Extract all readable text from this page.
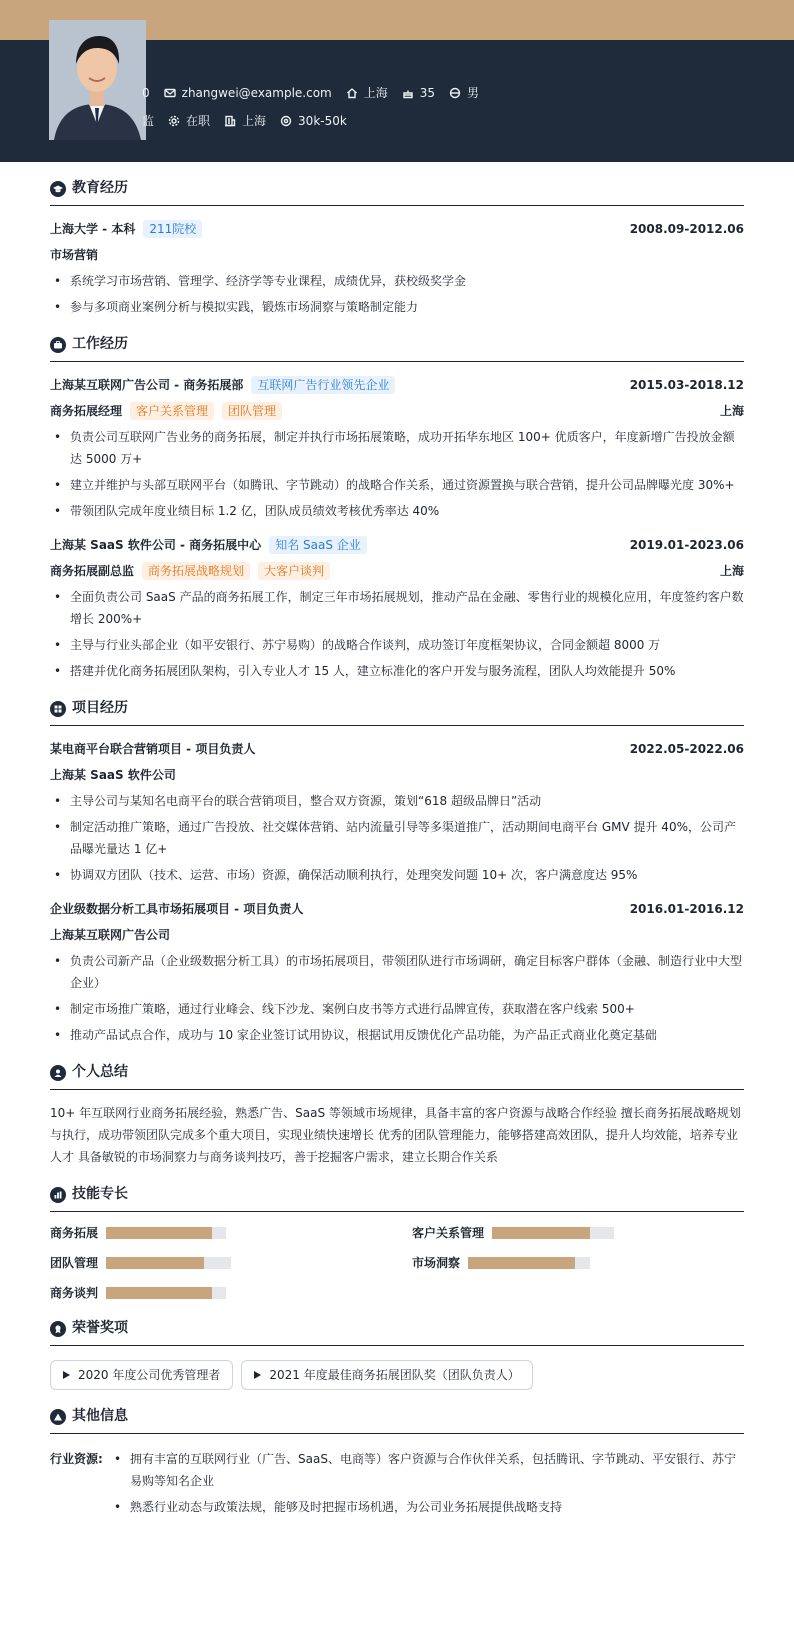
0	zhangwei@example.com	上海	35	男
监	在职	上海	30k-50k
教育经历
上海大学 - 本科	211院校	2008.09-2012.06
市场营销
• 系统学习市场营销、管理学、经济学等专业课程，成绩优异，获校级奖学金
• 参与多项商业案例分析与模拟实践，锻炼市场洞察与策略制定能力
工作经历
上海某互联网广告公司 - 商务拓展部	互联网广告行业领先企业	2015.03-2018.12
商务拓展经理	客户关系管理	团队管理	上海
• 负责公司互联网广告业务的商务拓展，制定并执行市场拓展策略，成功开拓华东地区 100+ 优质客户，年度新增广告投放金额达 5000 万+
• 建立并维护与头部互联网平台（如腾讯、字节跳动）的战略合作关系，通过资源置换与联合营销，提升公司品牌曝光度 30%+
• 带领团队完成年度业绩目标 1.2 亿，团队成员绩效考核优秀率达 40%
上海某 SaaS 软件公司 - 商务拓展中心	知名 SaaS 企业	2019.01-2023.06
商务拓展副总监	商务拓展战略规划	大客户谈判	上海
• 全面负责公司 SaaS 产品的商务拓展工作，制定三年市场拓展规划，推动产品在金融、零售行业的规模化应用，年度签约客户数增长 200%+
• 主导与行业头部企业（如平安银行、苏宁易购）的战略合作谈判，成功签订年度框架协议，合同金额超 8000 万
• 搭建并优化商务拓展团队架构，引入专业人才 15 人，建立标准化的客户开发与服务流程，团队人均效能提升 50%
项目经历
某电商平台联合营销项目 - 项目负责人	2022.05-2022.06
上海某 SaaS 软件公司
• 主导公司与某知名电商平台的联合营销项目，整合双方资源，策划“618 超级品牌日”活动
• 制定活动推广策略，通过广告投放、社交媒体营销、站内流量引导等多渠道推广，活动期间电商平台 GMV 提升 40%，公司产品曝光量达 1 亿+
• 协调双方团队（技术、运营、市场）资源，确保活动顺利执行，处理突发问题 10+ 次，客户满意度达 95%
企业级数据分析工具市场拓展项目 - 项目负责人	2016.01-2016.12
上海某互联网广告公司
• 负责公司新产品（企业级数据分析工具）的市场拓展项目，带领团队进行市场调研，确定目标客户群体（金融、制造行业中大型企业）
• 制定市场推广策略，通过行业峰会、线下沙龙、案例白皮书等方式进行品牌宣传，获取潜在客户线索 500+
• 推动产品试点合作，成功与 10 家企业签订试用协议，根据试用反馈优化产品功能，为产品正式商业化奠定基础
个人总结

10+ 年互联网行业商务拓展经验，熟悉广告、SaaS 等领域市场规律，具备丰富的客户资源与战略合作经验 擅长商务拓展战略规划与执行，成功带领团队完成多个重大项目，实现业绩快速增长 优秀的团队管理能力，能够搭建高效团队，提升人均效能，培养专业人才 具备敏锐的市场洞察力与商务谈判技巧，善于挖掘客户需求，建立长期合作关系

技能专长
商务拓展	客户关系管理
团队管理	市场洞察
商务谈判
荣誉奖项
2020 年度公司优秀管理者	2021 年度最佳商务拓展团队奖（团队负责人）
其他信息
行业资源:
•	拥有丰富的互联网行业（广告、SaaS、电商等）客户资源与合作伙伴关系，包括腾讯、字节跳动、平安银行、苏宁易购等知名企业
• 熟悉行业动态与政策法规，能够及时把握市场机遇，为公司业务拓展提供战略支持
